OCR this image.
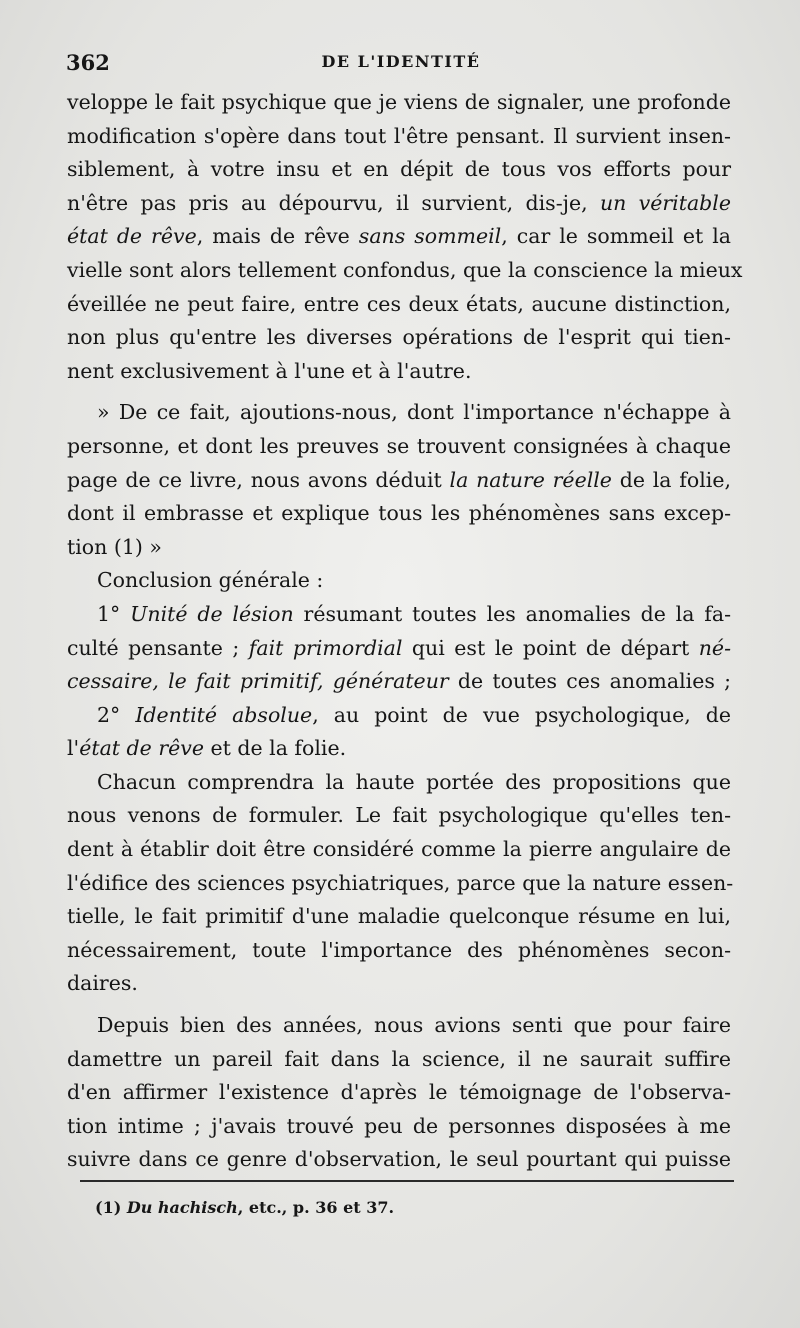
362	DE L'IDENTITÉ
veloppe le fait psychique que je viens de signaler, une profonde
modification s'opère dans tout l'être pensant. Il survient insen-
siblement, à votre insu et en dépit de tous vos efforts pour
n'être pas pris au dépourvu, il survient, dis-je, un véritable
état de rêve, mais de rêve sans sommeil, car le sommeil et la
vielle sont alors tellement confondus, que la conscience la mieux
éveillée ne peut faire, entre ces deux états, aucune distinction,
non plus qu'entre les diverses opérations de l'esprit qui tien-
nent exclusivement à l'une et à l'autre.
» De ce fait, ajoutions-nous, dont l'importance n'échappe à
personne, et dont les preuves se trouvent consignées à chaque
page de ce livre, nous avons déduit la nature réelle de la folie,
dont il embrasse et explique tous les phénomènes sans excep-
tion (1) »
Conclusion générale :
1° Unité de lésion résumant toutes les anomalies de la fa-
culté pensante ; fait primordial qui est le point de départ né-
cessaire, le fait primitif, générateur de toutes ces anomalies ;
2° Identité absolue, au point de vue psychologique, de
l'état de rêve et de la folie.
Chacun comprendra la haute portée des propositions que
nous venons de formuler. Le fait psychologique qu'elles ten-
dent à établir doit être considéré comme la pierre angulaire de
l'édifice des sciences psychiatriques, parce que la nature essen-
tielle, le fait primitif d'une maladie quelconque résume en lui,
nécessairement, toute l'importance des phénomènes secon-
daires.
Depuis bien des années, nous avions senti que pour faire
damettre un pareil fait dans la science, il ne saurait suffire
d'en affirmer l'existence d'après le témoignage de l'observa-
tion intime ; j'avais trouvé peu de personnes disposées à me
suivre dans ce genre d'observation, le seul pourtant qui puisse
(1) Du hachisch, etc., p. 36 et 37.
